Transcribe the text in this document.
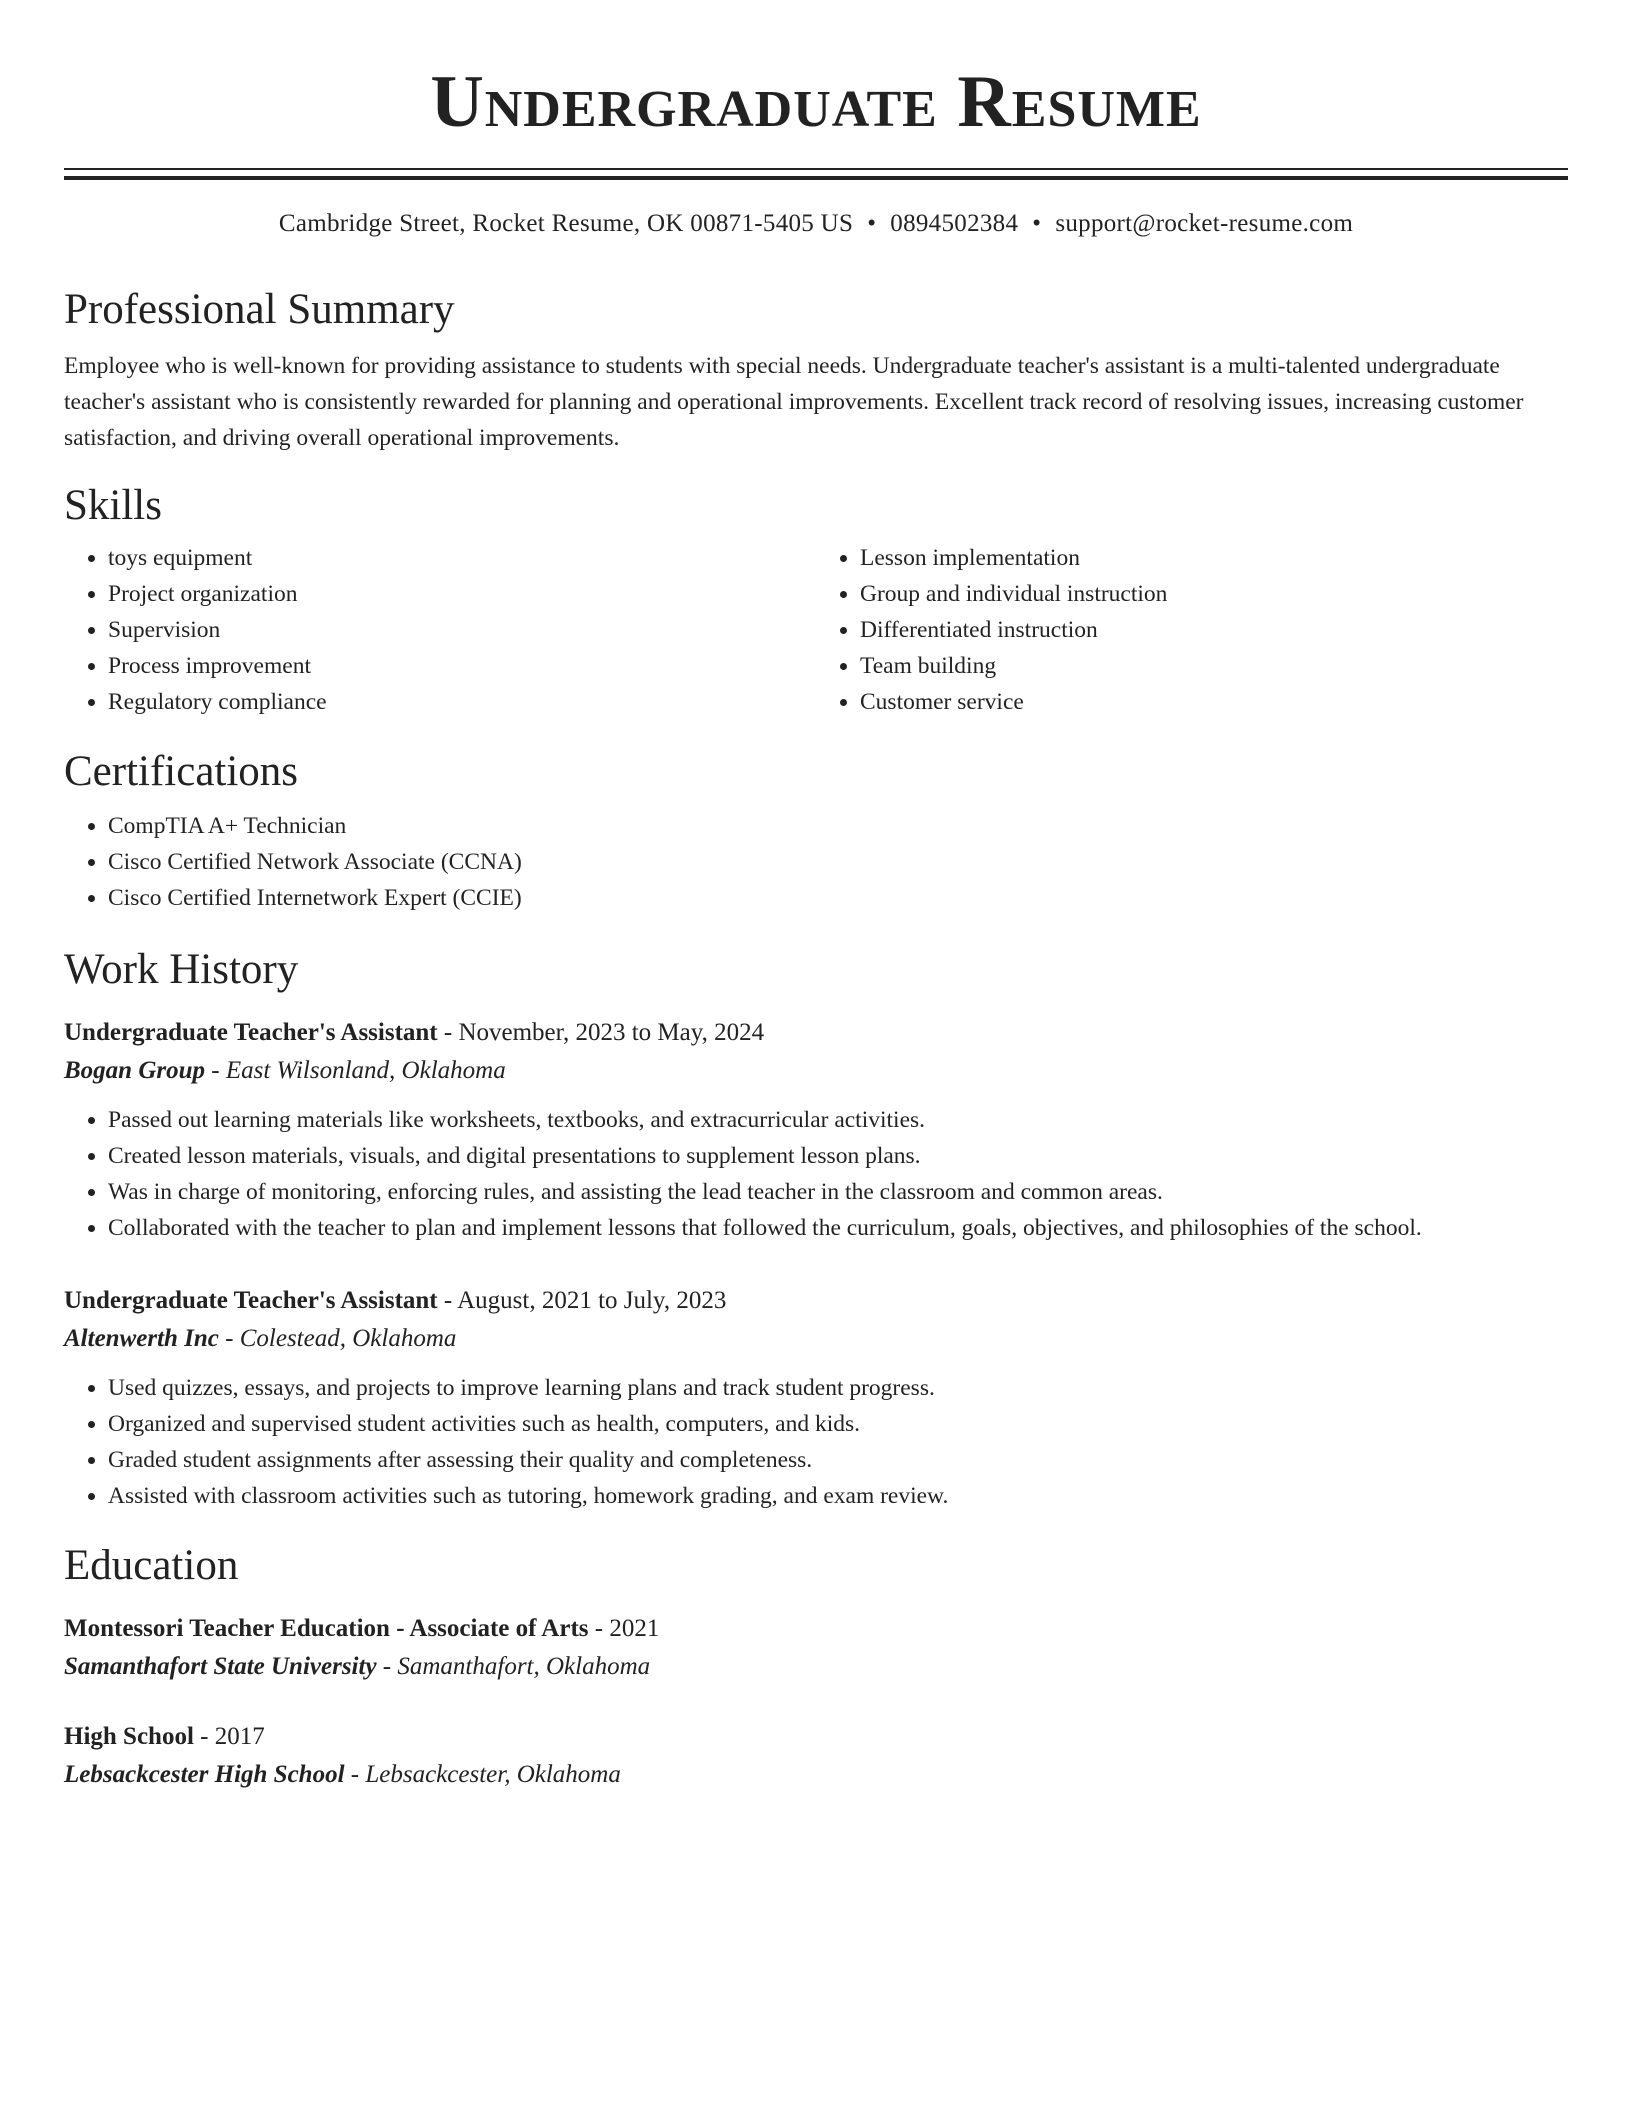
Undergraduate Resume
Cambridge Street, Rocket Resume, OK 00871-5405 US • 0894502384 • support@rocket-resume.com
Professional Summary

Employee who is well-known for providing assistance to students with special needs. Undergraduate teacher's assistant is a multi-talented undergraduate teacher's assistant who is consistently rewarded for planning and operational improvements. Excellent track record of resolving issues, increasing customer satisfaction, and driving overall operational improvements.

Skills
• toys equipment
• Project organization
• Supervision
• Process improvement
• Regulatory compliance
• Lesson implementation
• Group and individual instruction
• Differentiated instruction
• Team building
• Customer service
Certifications
• CompTIA A+ Technician
• Cisco Certified Network Associate (CCNA)
• Cisco Certified Internetwork Expert (CCIE)
Work History
Undergraduate Teacher's Assistant - November, 2023 to May, 2024
Bogan Group - East Wilsonland, Oklahoma
• Passed out learning materials like worksheets, textbooks, and extracurricular activities.
• Created lesson materials, visuals, and digital presentations to supplement lesson plans.
• Was in charge of monitoring, enforcing rules, and assisting the lead teacher in the classroom and common areas.
• Collaborated with the teacher to plan and implement lessons that followed the curriculum, goals, objectives, and philosophies of the school.
Undergraduate Teacher's Assistant - August, 2021 to July, 2023
Altenwerth Inc - Colestead, Oklahoma
• Used quizzes, essays, and projects to improve learning plans and track student progress.
• Organized and supervised student activities such as health, computers, and kids.
• Graded student assignments after assessing their quality and completeness.
• Assisted with classroom activities such as tutoring, homework grading, and exam review.
Education
Montessori Teacher Education - Associate of Arts - 2021
Samanthafort State University - Samanthafort, Oklahoma
High School - 2017
Lebsackcester High School - Lebsackcester, Oklahoma
